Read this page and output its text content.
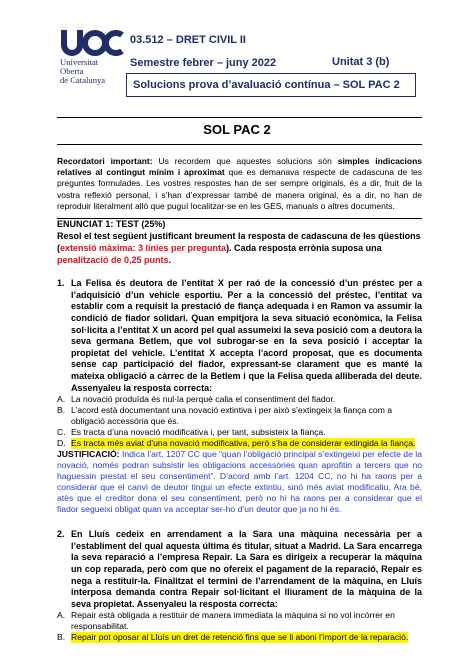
Universitat
Oberta
de Catalunya
03.512 – DRET CIVIL II
Semestre febrer – juny 2022	Unitat 3 (b)
Solucions prova d’avaluació contínua – SOL PAC 2
SOL PAC 2

Recordatori important: Us recordem que aquestes solucions són simples indicacions relatives al contingut mínim i aproximat que es demanava respecte de cadascuna de les preguntes formulades. Les vostres respostes han de ser sempre originals, és a dir, fruit de la vostra reflexió personal, i s’han d’expressar també de manera original, és a dir, no han de reproduir literalment allò que puguí localitzar-se en les GES, manuals o altres documents.

ENUNCIAT 1: TEST (25%)

Resol el test següent justificant breument la resposta de cadascuna de les qüestions (extensió màxima: 3 línies per pregunta). Cada resposta errònia suposa una penalització de 0,25 punts.

1. La Felisa és deutora de l’entitat X per raó de la concessió d’un préstec per a l’adquisició d’un vehicle esportiu. Per a la concessió del préstec, l’entitat va establir com a requisit la prestació de fiança adequada i en Ramon va assumir la condició de fiador solidari. Quan empitjora la seva situació econòmica, la Felisa sol·licita a l’entitat X un acord pel qual assumeixi la seva posició com a deutora la seva germana Betlem, que vol subrogar-se en la seva posició i acceptar la propietat del vehicle. L’entitat X accepta l’acord proposat, que es documenta sense cap participació del fiador, expressant-se clarament que es manté la mateixa obligació a càrrec de la Betlem i que la Felisa queda alliberada del deute. Assenyaleu la resposta correcta:
A. La novació produïda és nul·la perquè calia el consentiment del fiador.
B. L’acord està documentant una novació extintiva i per això s’extingeix la fiança com a obligació accessòria que és.
C. Es tracta d’una novació modificativa i, per tant, subsisteix la fiança.
D. Es tracta més aviat d’una novació modificativa, però s’ha de considerar extingida la fiança.

JUSTIFICACIÓ: Indica l’art. 1207 CC que “quan l’obligació principal s’extingeixi per efecte de la novació, només podran subsistir les obligacions accessòries quan aprofitin a tercers que no haguessin prestat el seu consentiment”. D’acord amb l’art. 1204 CC, no hi ha raons per a considerar que el canvi de deutor tingui un efecte extintiu, sinó més aviat modificatiu. Ara bé, atès que el creditor dona el seu consentiment, però no hi ha raons per a considerar que el fiador segueixi obligat quan va acceptar ser-ho d’un deutor que ja no hi és.

2. En Lluís cedeix en arrendament a la Sara una màquina necessària per a l’establiment del qual aquesta última és titular, situat a Madrid. La Sara encarrega la seva reparació a l’empresa Repair. La Sara es dirigeix a recuperar la màquina un cop reparada, però com que no ofereix el pagament de la reparació, Repair es nega a restituir-la. Finalitzat el termini de l’arrendament de la màquina, en Lluís interposa demanda contra Repair sol·licitant el lliurament de la màquina de la seva propietat. Assenyaleu la resposta correcta:
A. Repair està obligada a restituir de manera immediata la màquina si no vol incórrer en responsabilitat.
B. Repair pot oposar al Lluís un dret de retenció fins que se li aboni l’import de la reparació.
